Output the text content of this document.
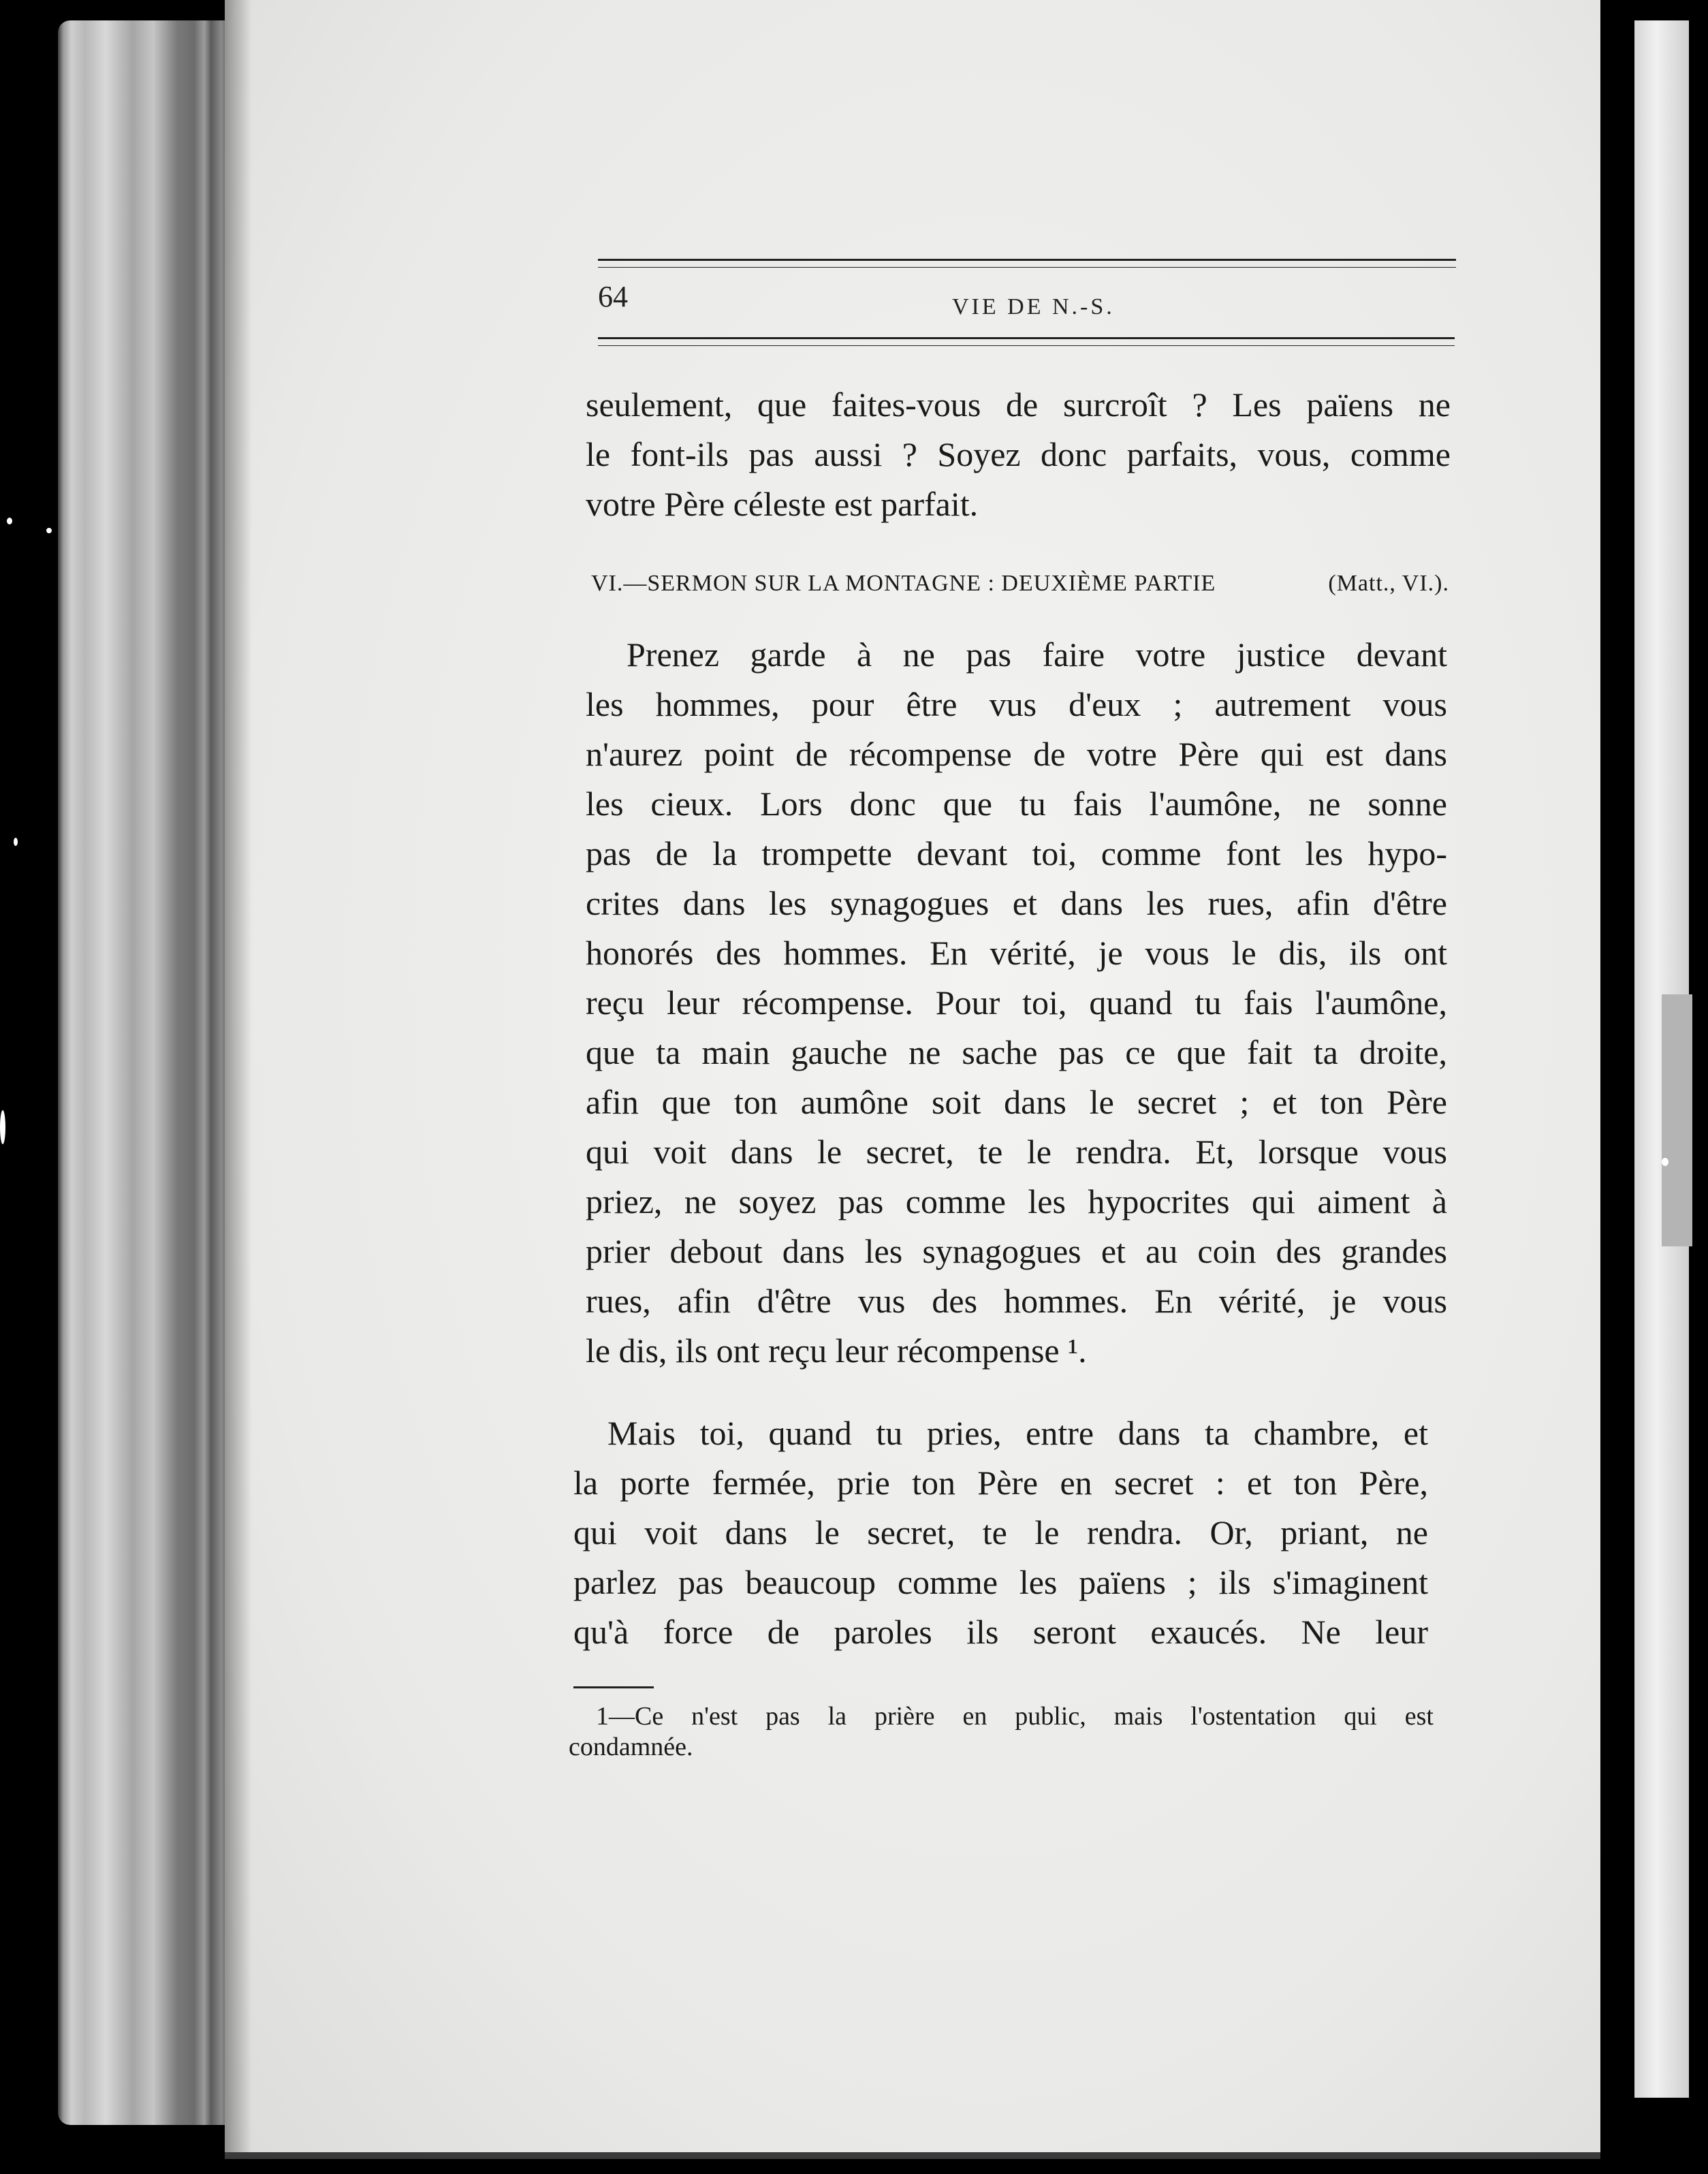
64	VIE DE N.-S.
seulement, que faites-vous de surcroît ? Les païens ne
le font-ils pas aussi ? Soyez donc parfaits, vous, comme
votre Père céleste est parfait.
VI.—SERMON SUR LA MONTAGNE : DEUXIÈME PARTIE	(Matt., VI.).
Prenez garde à ne pas faire votre justice devant
les hommes, pour être vus d'eux ; autrement vous
n'aurez point de récompense de votre Père qui est dans
les cieux. Lors donc que tu fais l'aumône, ne sonne
pas de la trompette devant toi, comme font les hypo-
crites dans les synagogues et dans les rues, afin d'être
honorés des hommes. En vérité, je vous le dis, ils ont
reçu leur récompense. Pour toi, quand tu fais l'aumône,
que ta main gauche ne sache pas ce que fait ta droite,
afin que ton aumône soit dans le secret ; et ton Père
qui voit dans le secret, te le rendra. Et, lorsque vous
priez, ne soyez pas comme les hypocrites qui aiment à
prier debout dans les synagogues et au coin des grandes
rues, afin d'être vus des hommes. En vérité, je vous
le dis, ils ont reçu leur récompense ¹.
Mais toi, quand tu pries, entre dans ta chambre, et
la porte fermée, prie ton Père en secret : et ton Père,
qui voit dans le secret, te le rendra. Or, priant, ne
parlez pas beaucoup comme les païens ; ils s'imaginent
qu'à force de paroles ils seront exaucés. Ne leur
1—Ce n'est pas la prière en public, mais l'ostentation qui est
condamnée.
